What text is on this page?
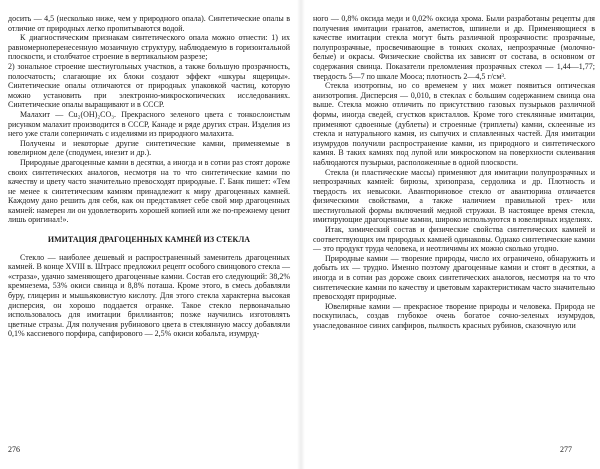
досить — 4,5 (несколько ниже, чем у природного опала). Синтетические опалы в отличие от природных легко пропитываются водой.
К диагностическим признакам синтетического опала можно отнести: 1) их равномерноперенесенную мозаичную структуру, наблюдаемую в горизонтальной плоскости, и столбчатое строение в вертикальном разрезе;
2) зональное строение шестиугольных участков, а также большую прозрачность, полосчатость; слагающие их блоки создают эффект «шкуры ящерицы». Синтетические опалы отличаются от природных упаковкой частиц, которую можно установить при электронно-микроскопических исследованиях. Синтетические опалы выращивают и в СССР.

Малахит — Cu₂(OH)₂CO₃. Прекрасного зеленого цвета с тонкослоистым рисунком малахит производится в СССР, Канаде и ряде других стран. Изделия из него уже стали соперничать с изделиями из природного малахита.

Получены и некоторые другие синтетические камни, применяемые в ювелирном деле (сподумен, инезит и др.).

Природные драгоценные камни в десятки, а иногда и в сотни раз стоят дороже своих синтетических аналогов, несмотря на то что синтетические камни по качеству и цвету часто значительно превосходят природные. Г. Банк пишет: «Тем не менее к синтетическим камням принадлежит к миру драгоценных камней. Каждому дано решить для себя, как он представляет себе свой мир драгоценных камней: намерен ли он удовлетворить хорошей копией или же по-прежнему ценит лишь оригинал!».

ИМИТАЦИЯ ДРАГОЦЕННЫХ КАМНЕЙ ИЗ СТЕКЛА

Стекло — наиболее дешевый и распространенный заменитель драгоценных камней. В конце XVIII в. Штрасс предложил рецепт особого свинцового стекла — «страза», удачно заменяющего драгоценные камни. Состав его следующий: 38,2% кремнезема, 53% окиси свинца и 8,8% поташа. Кроме этого, в смесь добавляли буру, глицерин и мышьяковистую кислоту. Для этого стекла характерна высокая дисперсия, он хорошо поддается огранке. Такое стекло первоначально использовалось для имитации бриллиантов; позже научились изготовлять цветные стразы. Для получения рубинового цвета в стеклянную массу добавляли 0,1% кассиевого порфира, сапфирового — 2,5% окиси кобальта, изумруд-

ного — 0,8% оксида меди и 0,02% оксида хрома. Были разработаны рецепты для получения имитации гранатов, аметистов, шпинели и др. Применяющиеся в качестве имитации стекла могут быть различной прозрачности: прозрачные, полупрозрачные, просвечивающие в тонких сколах, непрозрачные (молочно-белые) и окрасы. Физические свойства их зависят от состава, в основном от содержания свинца. Показатели преломления прозрачных стекол — 1,44—1,77; твердость 5—7 по шкале Мооса; плотность 2—4,5 г/см³.

Стекла изотропны, но со временем у них может появиться оптическая анизотропия. Дисперсия — 0,010, в стеклах с большим содержанием свинца она выше. Стекла можно отличить по присутствию газовых пузырьков различной формы, иногда сведей, сгустков кристаллов. Кроме того стеклянные имитации, применяют сдвоенные (дублеты) и строенные (триплеты) камни, склеенные из стекла и натурального камня, из сыпучих и сплавленных частей. Для имитации изумрудов получили распространение камни, из природного и синтетического камня. В таких камнях под лупой или микроскопом на поверхности склеивания наблюдаются пузырьки, расположенные в одной плоскости.

Стекла (и пластические массы) применяют для имитации полупрозрачных и непрозрачных камней: бирюзы, хризопраза, сердолика и др. Плотность и твердость их невысоки. Авантюриновое стекло от авантюрина отличается физическими свойствами, а также наличием правильной трех- или шестиугольной формы включений медной стружки. В настоящее время стекла, имитирующие драгоценные камни, широко используются в ювелирных изделиях.

Итак, химический состав и физические свойства синтетических камней и соответствующих им природных камней одинаковы. Однако синтетические камни — это продукт труда человека, и неотличимы их можно сколько угодно.

Природные камни — творение природы, число их ограничено, обнаружить и добыть их — трудно. Именно поэтому драгоценные камни и стоят в десятки, а иногда и в сотни раз дороже своих синтетических аналогов, несмотря на то что синтетические камни по качеству и цветовым характеристикам часто значительно превосходят природные.

Ювелирные камни — прекрасное творение природы и человека. Природа не поскупилась, создав глубокое очень богатое сочно-зеленых изумрудов, унаследованное синих сапфиров, пылкость красных рубинов, сказочную или

276	277
